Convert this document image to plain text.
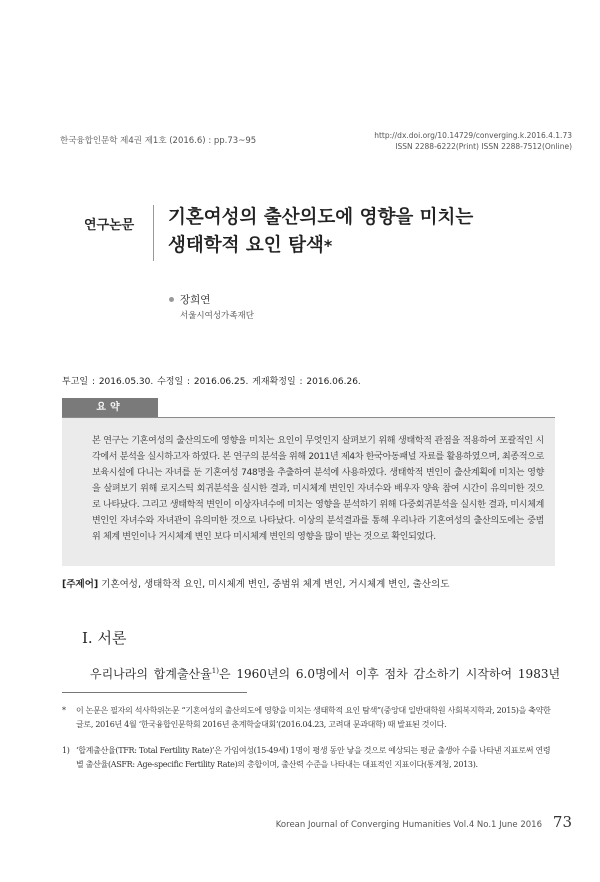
한국융합인문학 제4권 제1호 (2016.6) : pp.73~95
http://dx.doi.org/10.14729/converging.k.2016.4.1.73
ISSN 2288-6222(Print) ISSN 2288-7512(Online)
연구논문 기혼여성의 출산의도에 영향을 미치는
생태학적 요인 탐색*
장희연
서울시여성가족재단
투고일 : 2016.05.30. 수정일 : 2016.06.25. 게재확정일 : 2016.06.26.
요약
본 연구는 기혼여성의 출산의도에 영향을 미치는 요인이 무엇인지 살펴보기 위해 생태학적 관점을 적용하여 포괄적인 시각에서 분석을 실시하고자 하였다. 본 연구의 분석을 위해 2011년 제4차 한국아동패널 자료를 활용하였으며, 최종적으로 보육시설에 다니는 자녀를 둔 기혼여성 748명을 추출하여 분석에 사용하였다. 생태학적 변인이 출산계획에 미치는 영향을 살펴보기 위해 로지스틱 회귀분석을 실시한 결과, 미시체계 변인인 자녀수와 배우자 양육 참여 시간이 유의미한 것으로 나타났다. 그리고 생태학적 변인이 이상자녀수에 미치는 영향을 분석하기 위해 다중회귀분석을 실시한 결과, 미시체계 변인인 자녀수와 자녀관이 유의미한 것으로 나타났다. 이상의 분석결과를 통해 우리나라 기혼여성의 출산의도에는 중범위 체계 변인이나 거시체계 변인 보다 미시체계 변인의 영향을 많이 받는 것으로 확인되었다.
[주제어] 기혼여성, 생태학적 요인, 미시체계 변인, 중범위 체계 변인, 거시체계 변인, 출산의도
Ⅰ. 서론
우리나라의 합계출산율$^{1)}$은 1960년의 6.0명에서 이후 점차 감소하기 시작하여 1983년
*	이 논문은 필자의 석사학위논문 “기혼여성의 출산의도에 영향을 미치는 생태학적 요인 탐색”(중앙대 일반대학원 사회복지학과, 2015)을 축약한 글로, 2016년 4월 ‘한국융합인문학회 2016년 춘계학술대회’(2016.04.23, 고려대 문과대학) 때 발표된 것이다.
1) ‘합계출산율(TFR: Total Fertility Rate)’은 가임여성(15-49세) 1명이 평생 동안 낳을 것으로 예상되는 평균 출생아 수를 나타낸 지표로써 연령별 출산율(ASFR: Age-specific Fertility Rate)의 총합이며, 출산력 수준을 나타내는 대표적인 지표이다(통계청, 2013).
Korean Journal of Converging Humanities Vol.4 No.1 June 2016 73
